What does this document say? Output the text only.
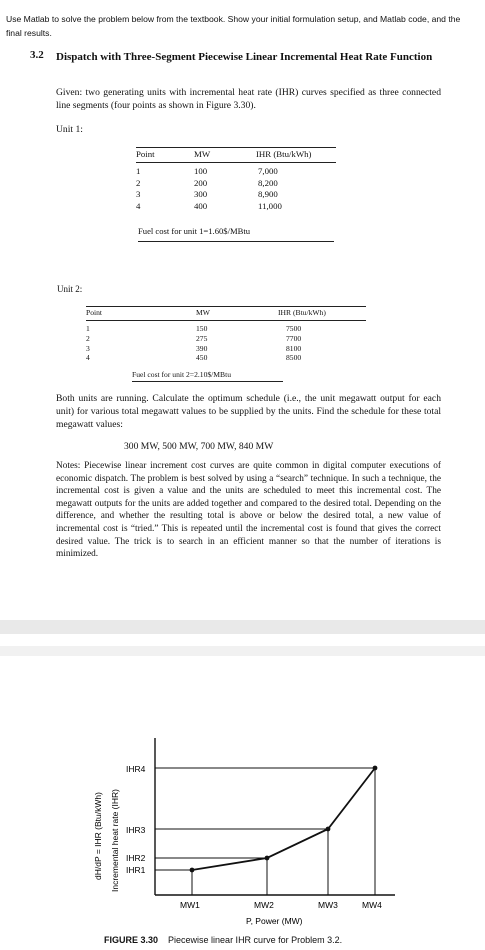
Use Matlab to solve the problem below from the textbook. Show your initial formulation setup, and Matlab code, and the final results.
3.2 Dispatch with Three-Segment Piecewise Linear Incremental Heat Rate Function
Given: two generating units with incremental heat rate (IHR) curves specified as three connected line segments (four points as shown in Figure 3.30).
Unit 1:
Point	MW	IHR (Btu/kWh)
1	100	7,000
2	200	8,200
3	300	8,900
4	400	11,000
Fuel cost for unit 1=1.60$/MBtu
Unit 2:
Point	MW	IHR (Btu/kWh)
1	150	7500
2	275	7700
3	390	8100
4	450	8500
Fuel cost for unit 2=2.10$/MBtu
Both units are running. Calculate the optimum schedule (i.e., the unit megawatt output for each unit) for various total megawatt values to be supplied by the units. Find the schedule for these total megawatt values:
300 MW, 500 MW, 700 MW, 840 MW
Notes: Piecewise linear increment cost curves are quite common in digital computer executions of economic dispatch. The problem is best solved by using a “search” technique. In such a technique, the incremental cost is given a value and the units are scheduled to meet this incremental cost. The megawatt outputs for the units are added together and compared to the desired total. Depending on the difference, and whether the resulting total is above or below the desired total, a new value of incremental cost is “tried.” This is repeated until the incremental cost is found that gives the correct desired value. The trick is to search in an efficient manner so that the number of iterations is minimized.
IHR4
IHR3
IHR2
IHR1
MW1	MW2	MW3	MW4
P, Power (MW)
Incremental heat rate (IHR)
dH/dP = IHR (Btu/kWh)
FIGURE 3.30 Piecewise linear IHR curve for Problem 3.2.
